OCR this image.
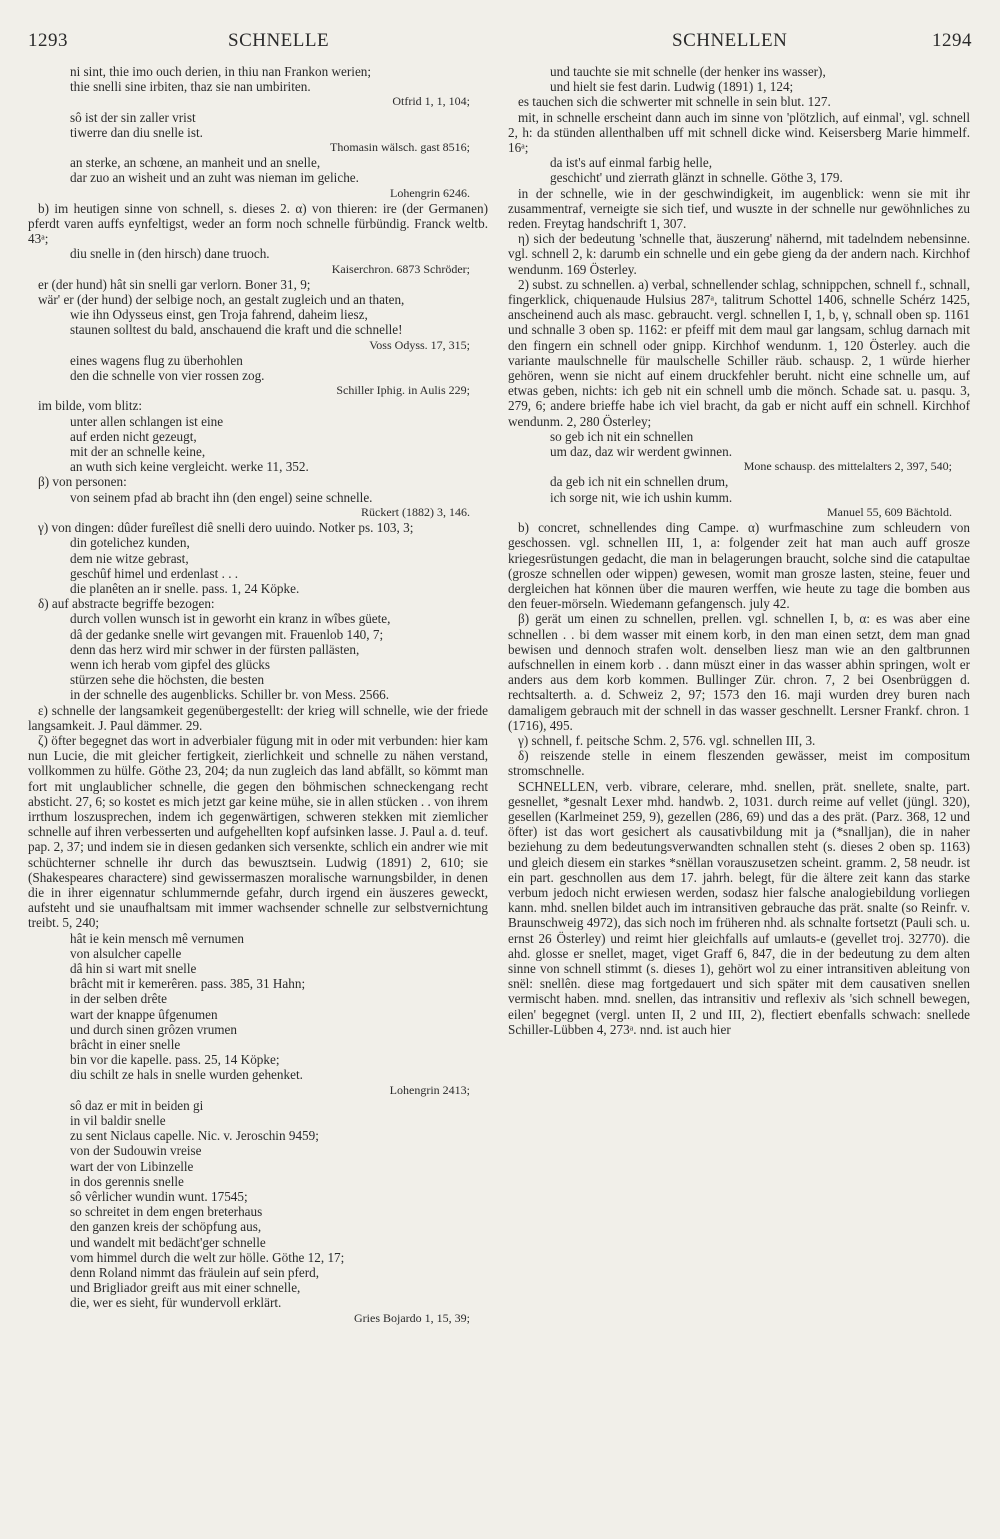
1293	SCHNELLE	SCHNELLEN	1294
ni sint, thie imo ouch derien, in thiu nan Frankon werien;
thie snelli sine irbiten, thaz sie nan umbiriten.
Otfrid 1, 1, 104;
sô ist der sin zaller vrist
tiwerre dan diu snelle ist.
Thomasin wälsch. gast 8516;
an sterke, an schœne, an manheit und an snelle,
dar zuo an wisheit und an zuht was nieman im geliche.
Lohengrin 6246.

b) im heutigen sinne von schnell, s. dieses 2. α) von thieren: ire (der Germanen) pferdt varen auffs eynfeltigst, weder an form noch schnelle fürbündig. Franck weltb. 43ᵃ;

diu snelle in (den hirsch) dane truoch.
Kaiserchron. 6873 Schröder;

er (der hund) hât sin snelli gar verlorn. Boner 31, 9;

wär' er (der hund) der selbige noch, an gestalt zugleich und an thaten,

wie ihn Odysseus einst, gen Troja fahrend, daheim liesz,
staunen solltest du bald, anschauend die kraft und die schnelle!
Voss Odyss. 17, 315;
eines wagens flug zu überhohlen
den die schnelle von vier rossen zog.
Schiller Iphig. in Aulis 229;

im bilde, vom blitz:

unter allen schlangen ist eine
auf erden nicht gezeugt,
mit der an schnelle keine,
an wuth sich keine vergleicht. werke 11, 352.

β) von personen:

von seinem pfad ab bracht ihn (den engel) seine schnelle.
Rückert (1882) 3, 146.

γ) von dingen: dûder fureîlest diê snelli dero uuindo. Notker ps. 103, 3;

din gotelichez kunden,
dem nie witze gebrast,
geschûf himel und erdenlast . . .
die planêten an ir snelle. pass. 1, 24 Köpke.

δ) auf abstracte begriffe bezogen:

durch vollen wunsch ist in geworht ein kranz in wîbes güete,
dâ der gedanke snelle wirt gevangen mit. Frauenlob 140, 7;
denn das herz wird mir schwer in der fürsten pallästen,
wenn ich herab vom gipfel des glücks
stürzen sehe die höchsten, die besten
in der schnelle des augenblicks. Schiller br. von Mess. 2566.

ε) schnelle der langsamkeit gegenübergestellt: der krieg will schnelle, wie der friede langsamkeit. J. Paul dämmer. 29.

ζ) öfter begegnet das wort in adverbialer fügung mit in oder mit verbunden: hier kam nun Lucie, die mit gleicher fertigkeit, zierlichkeit und schnelle zu nähen verstand, vollkommen zu hülfe. Göthe 23, 204; da nun zugleich das land abfällt, so kömmt man fort mit unglaublicher schnelle, die gegen den böhmischen schneckengang recht absticht. 27, 6; so kostet es mich jetzt gar keine mühe, sie in allen stücken . . von ihrem irrthum loszusprechen, indem ich gegenwärtigen, schweren stekken mit ziemlicher schnelle auf ihren verbesserten und aufgehellten kopf aufsinken lasse. J. Paul a. d. teuf. pap. 2, 37; und indem sie in diesen gedanken sich versenkte, schlich ein andrer wie mit schüchterner schnelle ihr durch das bewusztsein. Ludwig (1891) 2, 610; sie (Shakespeares charactere) sind gewissermaszen moralische warnungsbilder, in denen die in ihrer eigennatur schlummernde gefahr, durch irgend ein äuszeres geweckt, aufsteht und sie unaufhaltsam mit immer wachsender schnelle zur selbstvernichtung treibt. 5, 240;

hât ie kein mensch mê vernumen
von alsulcher capelle
dâ hin si wart mit snelle
brâcht mit ir kemerêren. pass. 385, 31 Hahn;
in der selben drête
wart der knappe ûfgenumen
und durch sinen grôzen vrumen
brâcht in einer snelle
bin vor die kapelle. pass. 25, 14 Köpke;
diu schilt ze hals in snelle wurden gehenket.
Lohengrin 2413;
sô daz er mit in beiden gi
in vil baldir snelle
zu sent Niclaus capelle. Nic. v. Jeroschin 9459;
von der Sudouwin vreise
wart der von Libinzelle
in dos gerennis snelle
sô vêrlicher wundin wunt. 17545;
so schreitet in dem engen breterhaus
den ganzen kreis der schöpfung aus,
und wandelt mit bedächt'ger schnelle
vom himmel durch die welt zur hölle. Göthe 12, 17;
denn Roland nimmt das fräulein auf sein pferd,
und Brigliador greift aus mit einer schnelle,
die, wer es sieht, für wundervoll erklärt.
Gries Bojardo 1, 15, 39;
und tauchte sie mit schnelle (der henker ins wasser),
und hielt sie fest darin. Ludwig (1891) 1, 124;

es tauchen sich die schwerter mit schnelle in sein blut. 127.

mit, in schnelle erscheint dann auch im sinne von 'plötzlich, auf einmal', vgl. schnell 2, h: da stünden allenthalben uff mit schnell dicke wind. Keisersberg Marie himmelf. 16ᵃ;

da ist's auf einmal farbig helle,
geschicht' und zierrath glänzt in schnelle. Göthe 3, 179.

in der schnelle, wie in der geschwindigkeit, im augenblick: wenn sie mit ihr zusammentraf, verneigte sie sich tief, und wuszte in der schnelle nur gewöhnliches zu reden. Freytag handschrift 1, 307.

η) sich der bedeutung 'schnelle that, äuszerung' nähernd, mit tadelndem nebensinne. vgl. schnell 2, k: darumb ein schnelle und ein gebe gieng da der andern nach. Kirchhof wendunm. 169 Österley.

2) subst. zu schnellen. a) verbal, schnellender schlag, schnippchen, schnell f., schnall, fingerklick, chiquenaude Hulsius 287ᵃ, talitrum Schottel 1406, schnelle Schérz 1425, anscheinend auch als masc. gebraucht. vergl. schnellen I, 1, b, γ, schnall oben sp. 1161 und schnalle 3 oben sp. 1162: er pfeiff mit dem maul gar langsam, schlug darnach mit den fingern ein schnell oder gnipp. Kirchhof wendunm. 1, 120 Österley. auch die variante maulschnelle für maulschelle Schiller räub. schausp. 2, 1 würde hierher gehören, wenn sie nicht auf einem druckfehler beruht. nicht eine schnelle um, auf etwas geben, nichts: ich geb nit ein schnell umb die mönch. Schade sat. u. pasqu. 3, 279, 6; andere brieffe habe ich viel bracht, da gab er nicht auff ein schnell. Kirchhof wendunm. 2, 280 Österley;

so geb ich nit ein schnellen
um daz, daz wir werdent gwinnen.
Mone schausp. des mittelalters 2, 397, 540;
da geb ich nit ein schnellen drum,
ich sorge nit, wie ich ushin kumm.
Manuel 55, 609 Bächtold.

b) concret, schnellendes ding Campe. α) wurfmaschine zum schleudern von geschossen. vgl. schnellen III, 1, a: folgender zeit hat man auch auff grosze kriegesrüstungen gedacht, die man in belagerungen braucht, solche sind die catapultae (grosze schnellen oder wippen) gewesen, womit man grosze lasten, steine, feuer und dergleichen hat können über die mauren werffen, wie heute zu tage die bomben aus den feuer-mörseln. Wiedemann gefangensch. july 42.

β) gerät um einen zu schnellen, prellen. vgl. schnellen I, b, α: es was aber eine schnellen . . bi dem wasser mit einem korb, in den man einen setzt, dem man gnad bewisen und dennoch strafen wolt. denselben liesz man wie an den galtbrunnen aufschnellen in einem korb . . dann müszt einer in das wasser abhin springen, wolt er anders aus dem korb kommen. Bullinger Zür. chron. 7, 2 bei Osenbrüggen d. rechtsalterth. a. d. Schweiz 2, 97; 1573 den 16. maji wurden drey buren nach damaligem gebrauch mit der schnell in das wasser geschnellt. Lersner Frankf. chron. 1 (1716), 495.

γ) schnell, f. peitsche Schm. 2, 576. vgl. schnellen III, 3.

δ) reiszende stelle in einem fleszenden gewässer, meist im compositum stromschnelle.

SCHNELLEN, verb. vibrare, celerare, mhd. snellen, prät. snellete, snalte, part. gesnellet, *gesnalt Lexer mhd. handwb. 2, 1031. durch reime auf vellet (jüngl. 320), gesellen (Karlmeinet 259, 9), gezellen (286, 69) und das a des prät. (Parz. 368, 12 und öfter) ist das wort gesichert als causativbildung mit ja (*snalljan), die in naher beziehung zu dem bedeutungsverwandten schnallen steht (s. dieses 2 oben sp. 1163) und gleich diesem ein starkes *snëllan vorauszusetzen scheint. gramm. 2, 58 neudr. ist ein part. geschnollen aus dem 17. jahrh. belegt, für die ältere zeit kann das starke verbum jedoch nicht erwiesen werden, sodasz hier falsche analogiebildung vorliegen kann. mhd. snellen bildet auch im intransitiven gebrauche das prät. snalte (so Reinfr. v. Braunschweig 4972), das sich noch im früheren nhd. als schnalte fortsetzt (Pauli sch. u. ernst 26 Österley) und reimt hier gleichfalls auf umlauts-e (gevellet troj. 32770). die ahd. glosse er snellet, maget, viget Graff 6, 847, die in der bedeutung zu dem alten sinne von schnell stimmt (s. dieses 1), gehört wol zu einer intransitiven ableitung von snël: snellên. diese mag fortgedauert und sich später mit dem causativen snellen vermischt haben. mnd. snellen, das intransitiv und reflexiv als 'sich schnell bewegen, eilen' begegnet (vergl. unten II, 2 und III, 2), flectiert ebenfalls schwach: snellede Schiller-Lübben 4, 273ᵃ. nnd. ist auch hier
